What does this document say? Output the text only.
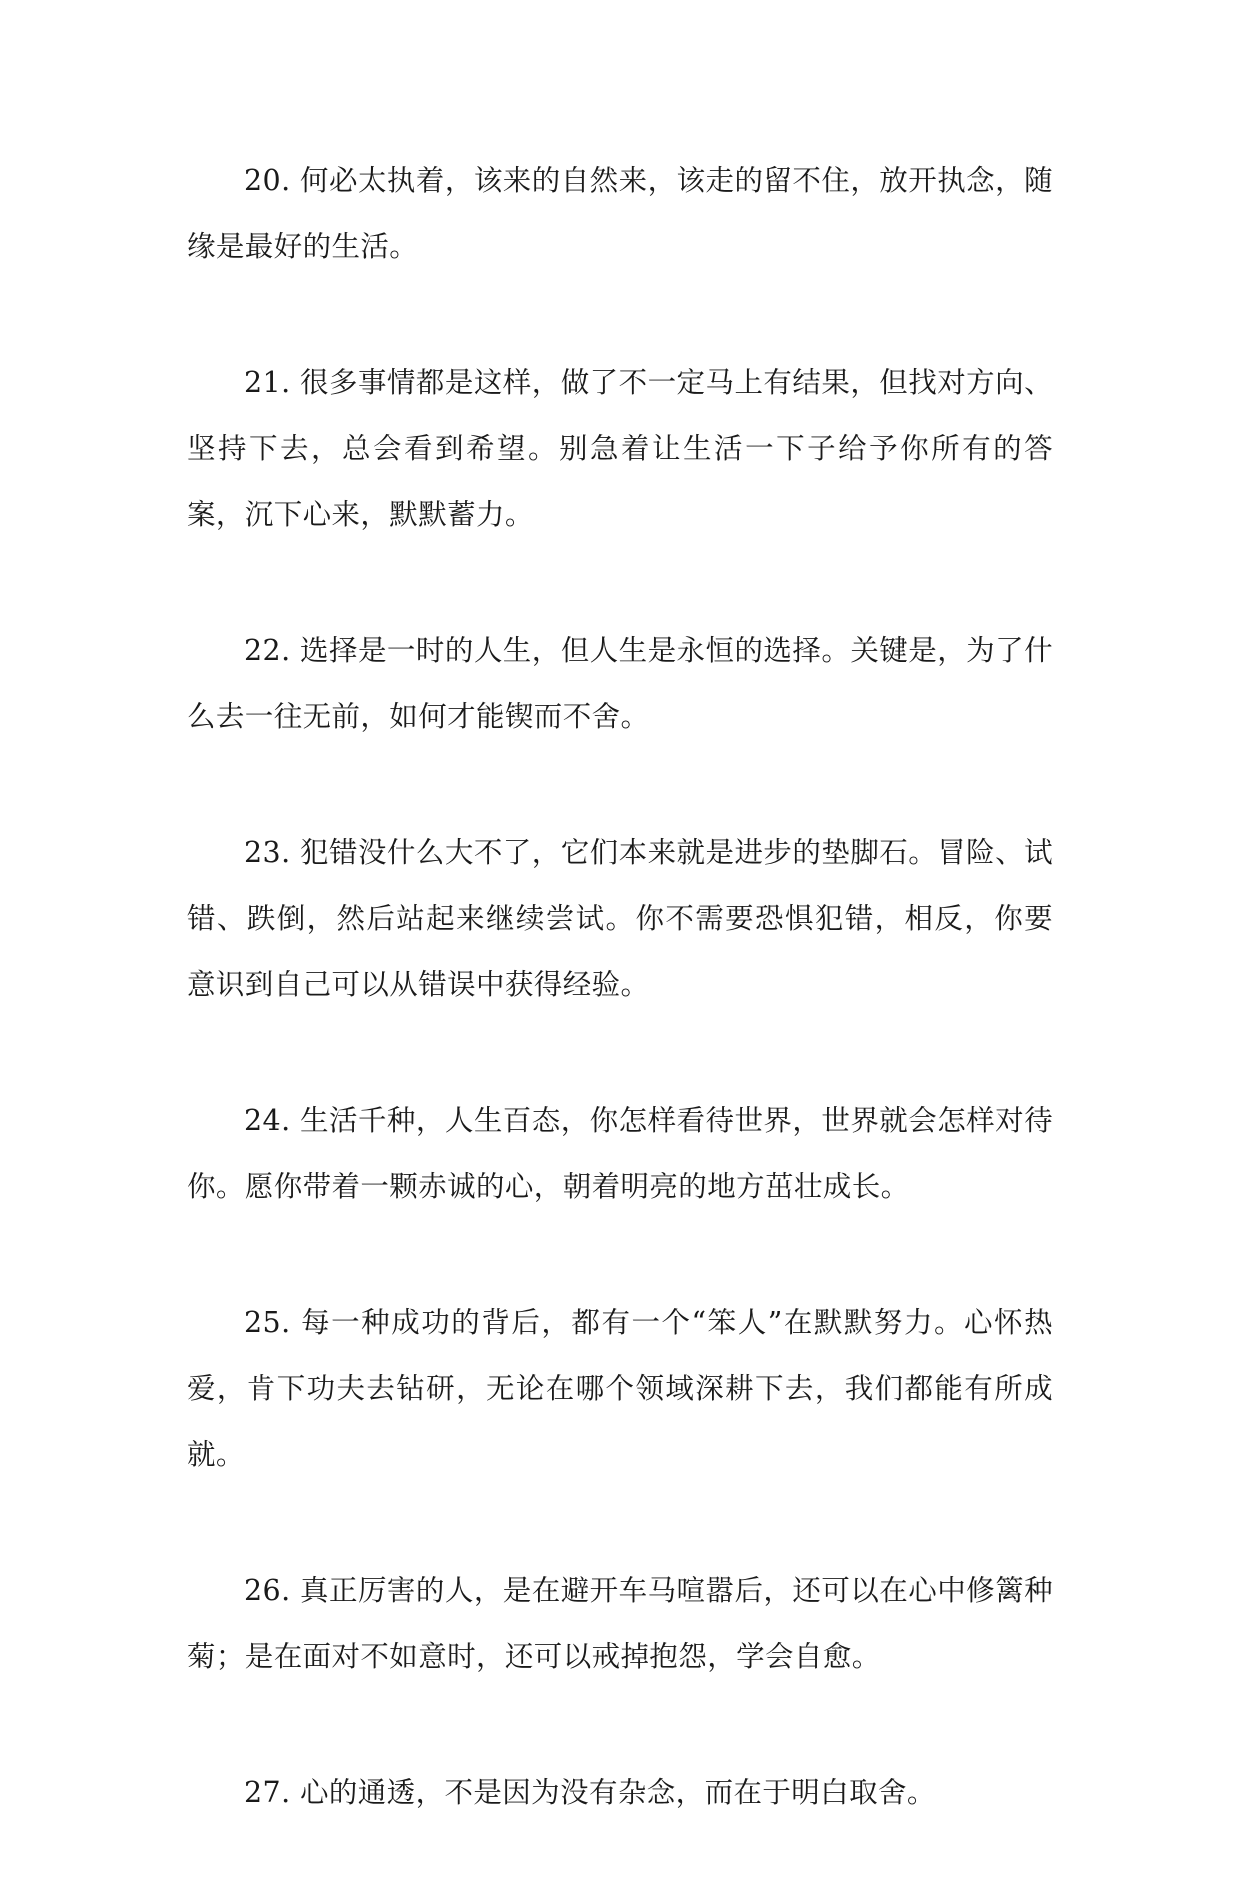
20. 何必太执着，该来的自然来，该走的留不住，放开执念，随缘是最好的生活。

21. 很多事情都是这样，做了不一定马上有结果，但找对方向、坚持下去，总会看到希望。别急着让生活一下子给予你所有的答案，沉下心来，默默蓄力。

22. 选择是一时的人生，但人生是永恒的选择。关键是，为了什么去一往无前，如何才能锲而不舍。

23. 犯错没什么大不了，它们本来就是进步的垫脚石。冒险、试错、跌倒，然后站起来继续尝试。你不需要恐惧犯错，相反，你要意识到自己可以从错误中获得经验。

24. 生活千种，人生百态，你怎样看待世界，世界就会怎样对待你。愿你带着一颗赤诚的心，朝着明亮的地方茁壮成长。

25. 每一种成功的背后，都有一个“笨人”在默默努力。心怀热爱，肯下功夫去钻研，无论在哪个领域深耕下去，我们都能有所成就。

26. 真正厉害的人，是在避开车马喧嚣后，还可以在心中修篱种菊；是在面对不如意时，还可以戒掉抱怨，学会自愈。

27. 心的通透，不是因为没有杂念，而在于明白取舍。
